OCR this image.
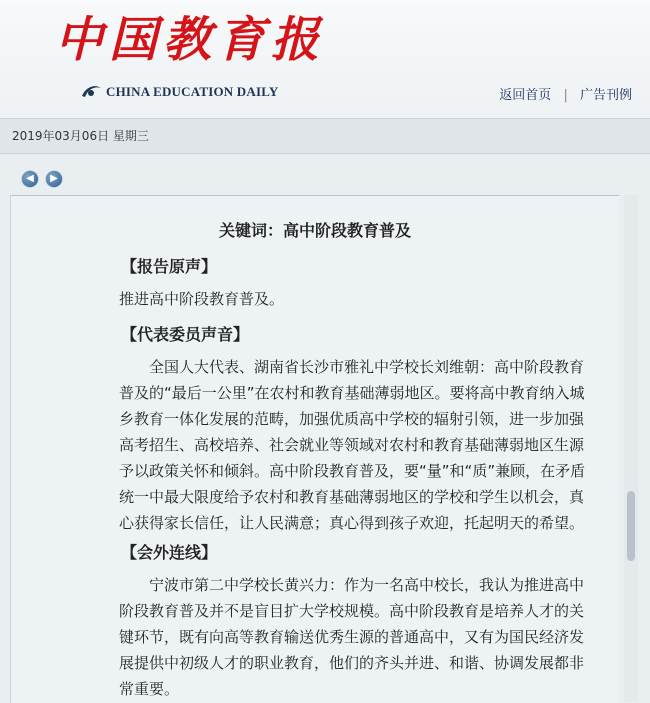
中国教育报
CHINA EDUCATION DAILY	返回首页 | 广告刊例
2019年03月06日 星期三
◀	▶
关键词：高中阶段教育普及
【报告原声】
推进高中阶段教育普及。
【代表委员声音】
全国人大代表、湖南省长沙市雅礼中学校长刘维朝：高中阶段教育普及的“最后一公里”在农村和教育基础薄弱地区。要将高中教育纳入城乡教育一体化发展的范畴，加强优质高中学校的辐射引领，进一步加强高考招生、高校培养、社会就业等领域对农村和教育基础薄弱地区生源予以政策关怀和倾斜。高中阶段教育普及，要“量”和“质”兼顾，在矛盾统一中最大限度给予农村和教育基础薄弱地区的学校和学生以机会，真心获得家长信任，让人民满意；真心得到孩子欢迎，托起明天的希望。
【会外连线】
宁波市第二中学校长黄兴力：作为一名高中校长，我认为推进高中阶段教育普及并不是盲目扩大学校规模。高中阶段教育是培养人才的关键环节，既有向高等教育输送优秀生源的普通高中，又有为国民经济发展提供中初级人才的职业教育，他们的齐头并进、和谐、协调发展都非常重要。
